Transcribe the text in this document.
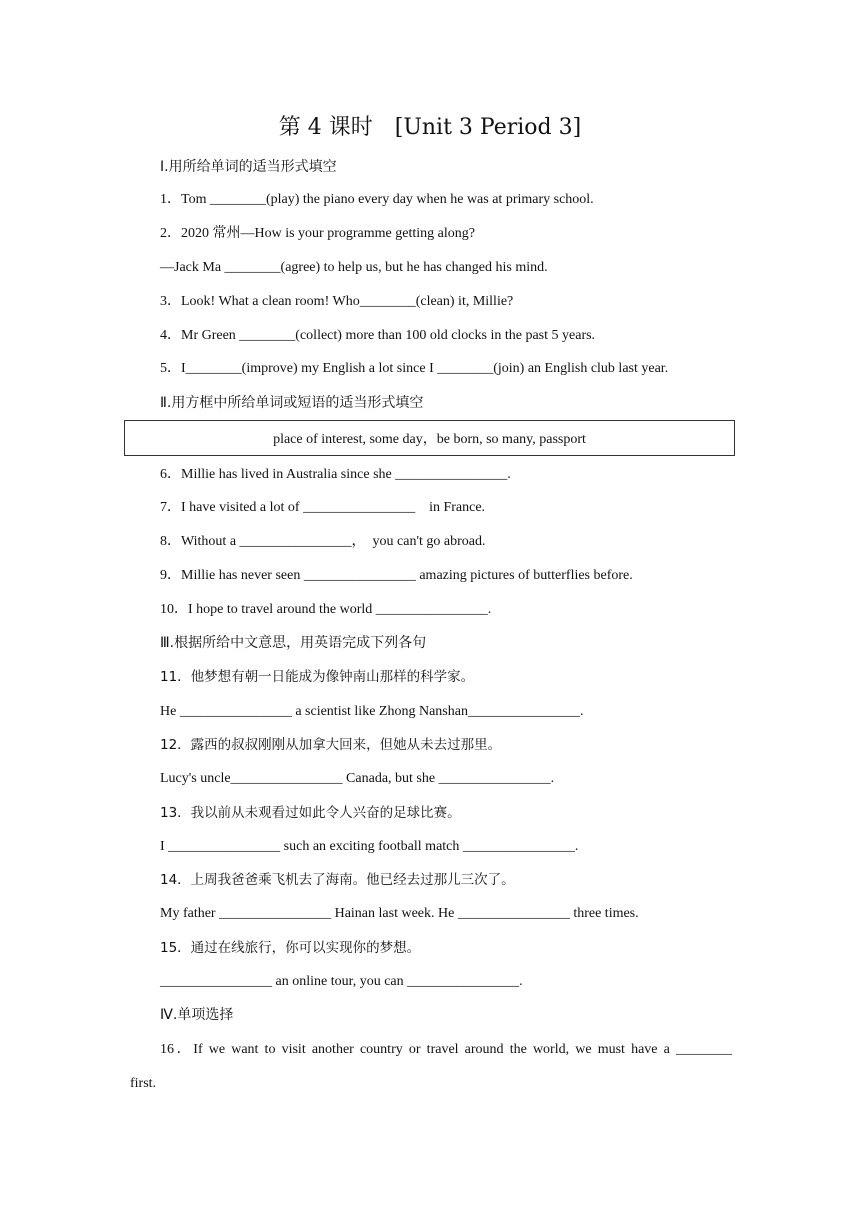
第 4 课时　[Unit 3 Period 3]
Ⅰ.用所给单词的适当形式填空
1．Tom ________(play) the piano every day when he was at primary school.
2．2020 常州—How is your programme getting along?
—Jack Ma ________(agree) to help us, but he has changed his mind.
3．Look! What a clean room! Who________(clean) it, Millie?
4．Mr Green ________(collect) more than 100 old clocks in the past 5 years.
5．I________(improve) my English a lot since I ________(join) an English club last year.
Ⅱ.用方框中所给单词或短语的适当形式填空
place of interest, some day，be born, so many, passport
6．Millie has lived in Australia since she ________________.
7．I have visited a lot of ________________　in France.
8．Without a ________________，  you can't go abroad.
9．Millie has never seen ________________ amazing pictures of butterflies before.
10．I hope to travel around the world ________________.
Ⅲ.根据所给中文意思，用英语完成下列各句
11．他梦想有朝一日能成为像钟南山那样的科学家。
He ________________ a scientist like Zhong Nanshan________________.
12．露西的叔叔刚刚从加拿大回来，但她从未去过那里。
Lucy's uncle________________ Canada, but she ________________.
13．我以前从未观看过如此令人兴奋的足球比赛。
I ________________ such an exciting football match ________________.
14．上周我爸爸乘飞机去了海南。他已经去过那儿三次了。
My father ________________ Hainan last week. He ________________ three times.
15．通过在线旅行，你可以实现你的梦想。
________________ an online tour, you can ________________.
Ⅳ.单项选择
16．If we want to visit another country or travel around the world, we must have a ________
first.
